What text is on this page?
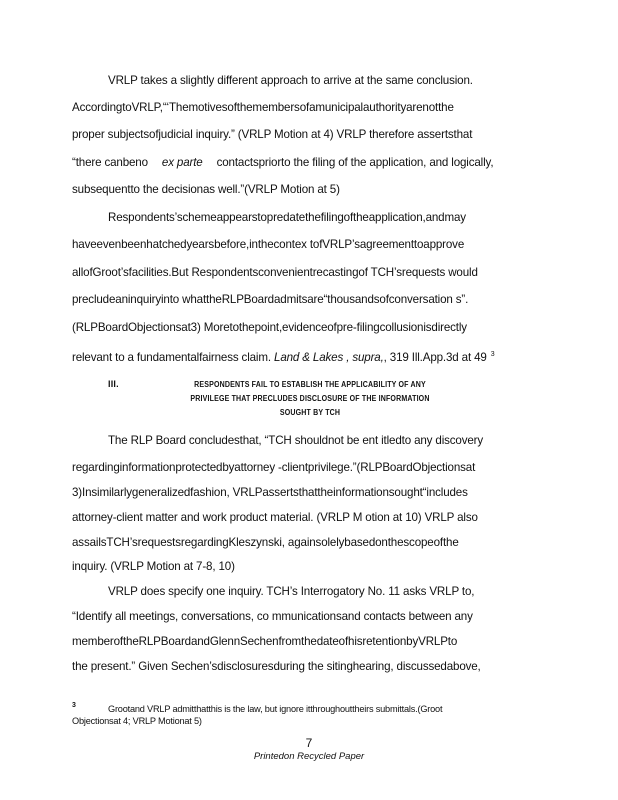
VRLP takes a slightly different approach to arrive at the same conclusion.
AccordingtoVRLP,“‘Themotivesofthemembersofamunicipalauthorityarenotthe
proper subjectsofjudicial inquiry.” (VRLP Motion at 4) VRLP therefore assertsthat
“there canbeno ex parte contactspriorto the filing of the application, and logically,
subsequentto the decisionas well.”(VRLP Motion at 5)
Respondents’schemeappearstopredatethefilingoftheapplication,andmay
haveevenbeenhatchedyearsbefore,inthecontex tofVRLP’sagreementtoapprove
allofGroot’sfacilities.But Respondentsconvenientrecastingof TCH’srequests would
precludeaninquiryinto whattheRLPBoardadmitsare“thousandsofconversation s”.
(RLPBoardObjectionsat3) Moretothepoint,evidenceofpre-filingcollusionisdirectly
relevant to a fundamentalfairness claim. Land & Lakes , supra,, 319 Ill.App.3d at 49 $^3$
III.	RESPONDENTS FAIL TO ESTABLISH THE APPLICABILITY OF ANY
PRIVILEGE THAT PRECLUDES DISCLOSURE OF THE INFORMATION
SOUGHT BY TCH
The RLP Board concludesthat, “TCH shouldnot be ent itledto any discovery
regardinginformationprotectedbyattorney -clientprivilege.”(RLPBoardObjectionsat
3)Insimilarlygeneralizedfashion, VRLPassertsthattheinformationsought“includes
attorney-client matter and work product material. (VRLP M otion at 10) VRLP also
assailsTCH’srequestsregardingKleszynski, againsolelybasedonthescopeofthe
inquiry. (VRLP Motion at 7-8, 10)
VRLP does specify one inquiry. TCH’s Interrogatory No. 11 asks VRLP to,
“Identify all meetings, conversations, co mmunicationsand contacts between any
memberoftheRLPBoardandGlennSechenfromthedateofhisretentionbyVRLPto
the present.” Given Sechen’sdisclosuresduring the sitinghearing, discussedabove,
3	Grootand VRLP admitthatthis is the law, but ignore itthroughouttheirs submittals.(Groot
Objectionsat 4; VRLP Motionat 5)
7
Printedon Recycled Paper
